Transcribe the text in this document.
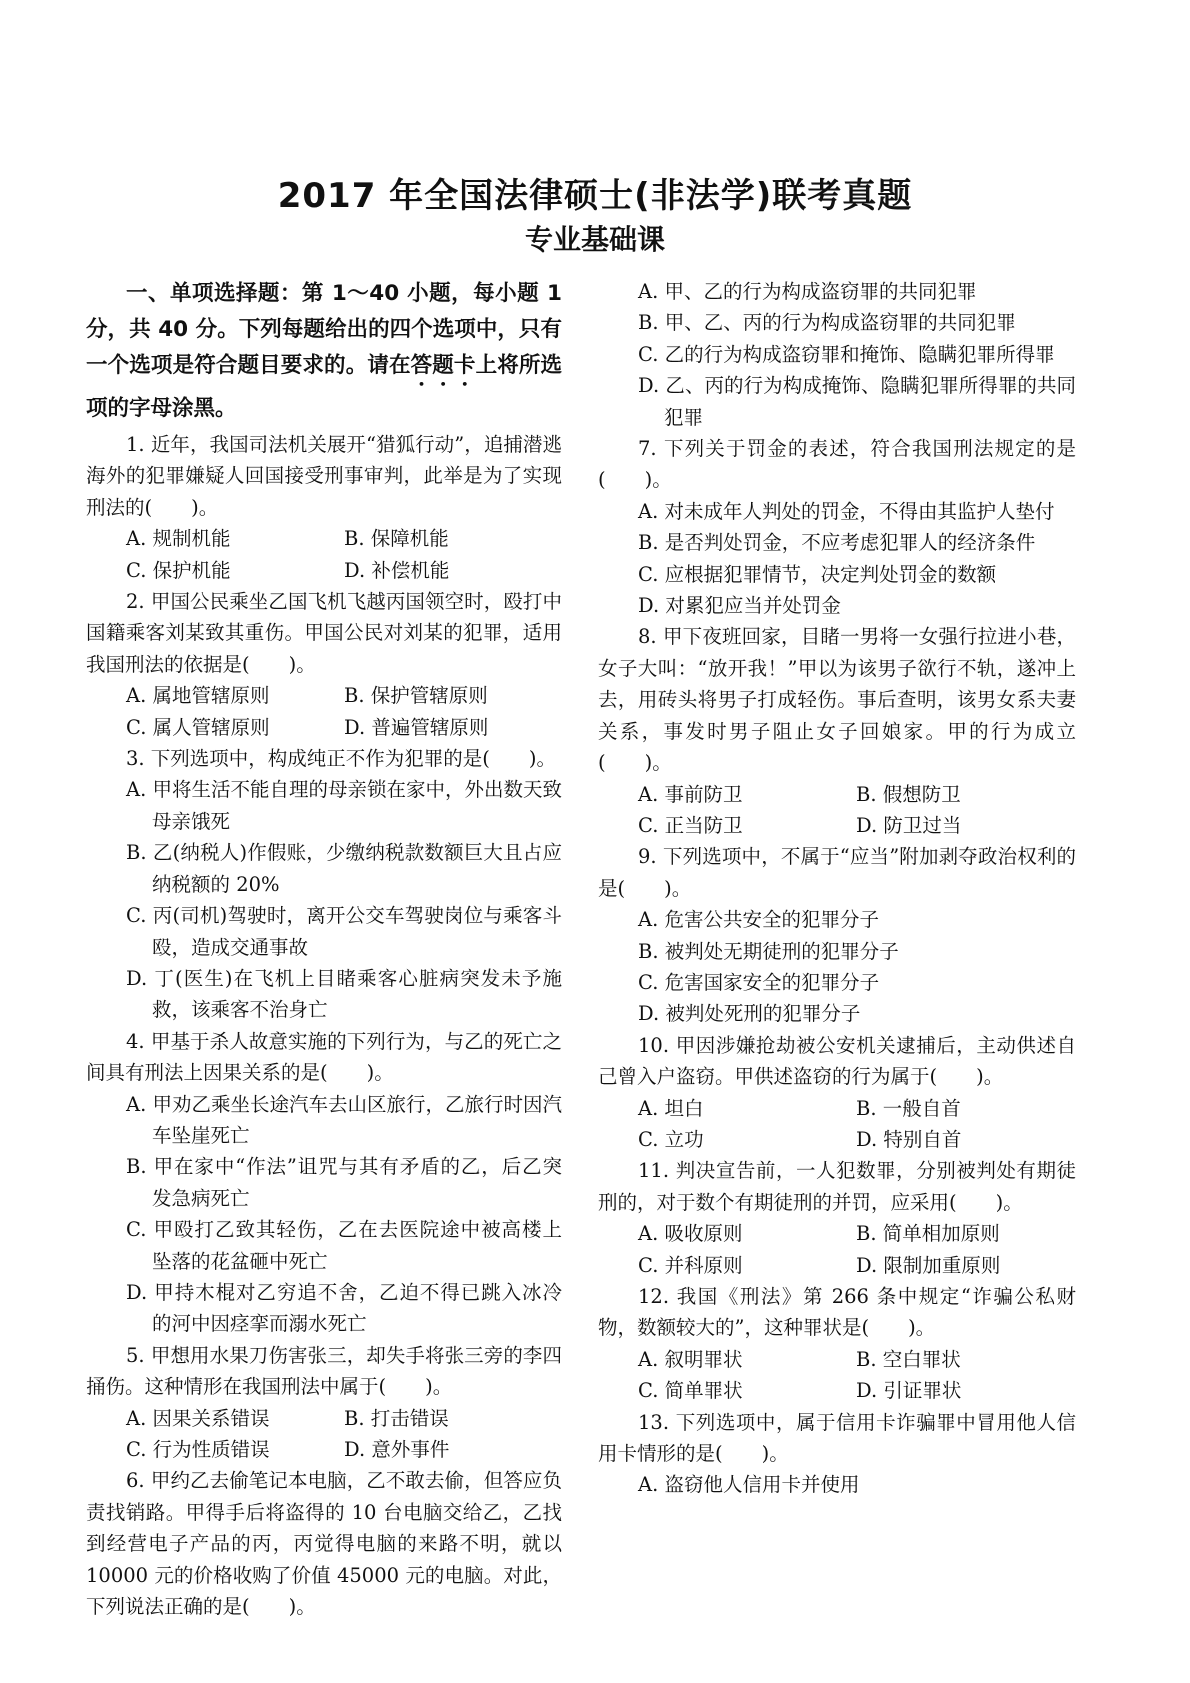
2017 年全国法律硕士(非法学)联考真题
专业基础课

一、单项选择题：第 1～40 小题，每小题 1 分，共 40 分。下列每题给出的四个选项中，只有一个选项是符合题目要求的。请在答题卡上将所选项的字母涂黑。

1. 近年，我国司法机关展开“猎狐行动”，追捕潜逃海外的犯罪嫌疑人回国接受刑事审判，此举是为了实现刑法的(　　)。

A. 规制机能	B. 保障机能
C. 保护机能	D. 补偿机能

2. 甲国公民乘坐乙国飞机飞越丙国领空时，殴打中国籍乘客刘某致其重伤。甲国公民对刘某的犯罪，适用我国刑法的依据是(　　)。

A. 属地管辖原则	B. 保护管辖原则
C. 属人管辖原则	D. 普遍管辖原则

3. 下列选项中，构成纯正不作为犯罪的是(　　)。

A. 甲将生活不能自理的母亲锁在家中，外出数天致母亲饿死

B. 乙(纳税人)作假账，少缴纳税款数额巨大且占应纳税额的 20%

C. 丙(司机)驾驶时，离开公交车驾驶岗位与乘客斗殴，造成交通事故

D. 丁(医生)在飞机上目睹乘客心脏病突发未予施救，该乘客不治身亡

4. 甲基于杀人故意实施的下列行为，与乙的死亡之间具有刑法上因果关系的是(　　)。

A. 甲劝乙乘坐长途汽车去山区旅行，乙旅行时因汽车坠崖死亡

B. 甲在家中“作法”诅咒与其有矛盾的乙，后乙突发急病死亡

C. 甲殴打乙致其轻伤，乙在去医院途中被高楼上坠落的花盆砸中死亡

D. 甲持木棍对乙穷追不舍，乙迫不得已跳入冰冷的河中因痉挛而溺水死亡

5. 甲想用水果刀伤害张三，却失手将张三旁的李四捅伤。这种情形在我国刑法中属于(　　)。

A. 因果关系错误	B. 打击错误
C. 行为性质错误	D. 意外事件

6. 甲约乙去偷笔记本电脑，乙不敢去偷，但答应负责找销路。甲得手后将盗得的 10 台电脑交给乙，乙找到经营电子产品的丙，丙觉得电脑的来路不明，就以 10000 元的价格收购了价值 45000 元的电脑。对此，下列说法正确的是(　　)。

A. 甲、乙的行为构成盗窃罪的共同犯罪

B. 甲、乙、丙的行为构成盗窃罪的共同犯罪

C. 乙的行为构成盗窃罪和掩饰、隐瞒犯罪所得罪

D. 乙、丙的行为构成掩饰、隐瞒犯罪所得罪的共同犯罪

7. 下列关于罚金的表述，符合我国刑法规定的是(　　)。

A. 对未成年人判处的罚金，不得由其监护人垫付

B. 是否判处罚金，不应考虑犯罪人的经济条件

C. 应根据犯罪情节，决定判处罚金的数额

D. 对累犯应当并处罚金

8. 甲下夜班回家，目睹一男将一女强行拉进小巷，女子大叫：“放开我！”甲以为该男子欲行不轨，遂冲上去，用砖头将男子打成轻伤。事后查明，该男女系夫妻关系，事发时男子阻止女子回娘家。甲的行为成立(　　)。

A. 事前防卫	B. 假想防卫
C. 正当防卫	D. 防卫过当

9. 下列选项中，不属于“应当”附加剥夺政治权利的是(　　)。

A. 危害公共安全的犯罪分子

B. 被判处无期徒刑的犯罪分子

C. 危害国家安全的犯罪分子

D. 被判处死刑的犯罪分子

10. 甲因涉嫌抢劫被公安机关逮捕后，主动供述自己曾入户盗窃。甲供述盗窃的行为属于(　　)。

A. 坦白	B. 一般自首
C. 立功	D. 特别自首

11. 判决宣告前，一人犯数罪，分别被判处有期徒刑的，对于数个有期徒刑的并罚，应采用(　　)。

A. 吸收原则	B. 简单相加原则
C. 并科原则	D. 限制加重原则

12. 我国《刑法》第 266 条中规定“诈骗公私财物，数额较大的”，这种罪状是(　　)。

A. 叙明罪状	B. 空白罪状
C. 简单罪状	D. 引证罪状

13. 下列选项中，属于信用卡诈骗罪中冒用他人信用卡情形的是(　　)。

A. 盗窃他人信用卡并使用
